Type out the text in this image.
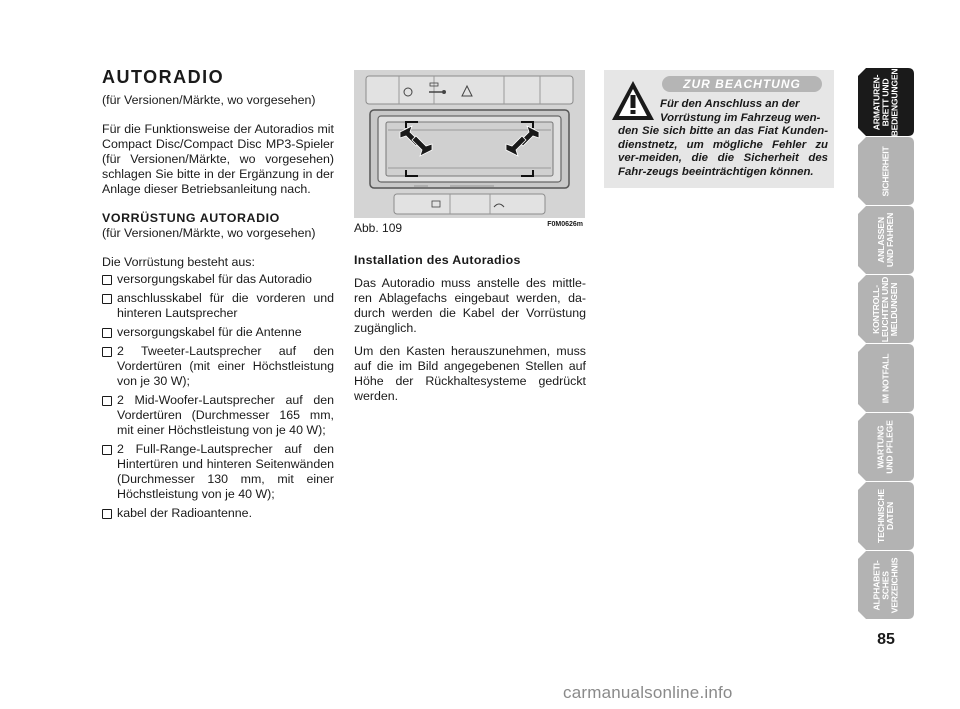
AUTORADIO
(für Versionen/Märkte, wo vorgesehen)
Für die Funktionsweise der Autoradios mit Compact Disc/Compact Disc MP3-Spieler (für Versionen/Märkte, wo vorgesehen) schlagen Sie bitte in der Ergänzung in der Anlage dieser Betriebsanleitung nach.
VORRÜSTUNG AUTORADIO
(für Versionen/Märkte, wo vorgesehen)
Die Vorrüstung besteht aus:
versorgungskabel für das Autoradio
anschlusskabel für die vorderen und hinteren Lautsprecher
versorgungskabel für die Antenne
2 Tweeter-Lautsprecher auf den Vordertüren (mit einer Höchstleistung von je 30 W);
2 Mid-Woofer-Lautsprecher auf den Vordertüren (Durchmesser 165 mm, mit einer Höchstleistung von je 40 W);
2 Full-Range-Lautsprecher auf den Hintertüren und hinteren Seitenwänden (Durchmesser 130 mm, mit einer Höchstleistung von je 40 W);
kabel der Radioantenne.
Abb. 109	F0M0626m
Installation des Autoradios
Das Autoradio muss anstelle des mittle-ren Ablagefachs eingebaut werden, da-durch werden die Kabel der Vorrüstung zugänglich.
Um den Kasten herauszunehmen, muss auf die im Bild angegebenen Stellen auf Höhe der Rückhaltesysteme gedrückt werden.
ZUR BEACHTUNG
Für den Anschluss an der
Vorrüstung im Fahrzeug wen-
den Sie sich bitte an das Fiat Kunden-dienstnetz, um mögliche Fehler zu ver-meiden, die die Sicherheit des Fahr-zeugs beeinträchtigen können.
ARMATUREN-
BRETT UND
BEDIENGUNGEN
SICHERHEIT
ANLASSEN
UND FAHREN
KONTROLL-
LEUCHTEN UND
MELDUNGEN
IM NOTFALL
WARTUNG
UND PFLEGE
TECHNISCHE
DATEN
ALPHABETI-
SCHES
VERZEICHNIS
85
carmanualsonline.info
